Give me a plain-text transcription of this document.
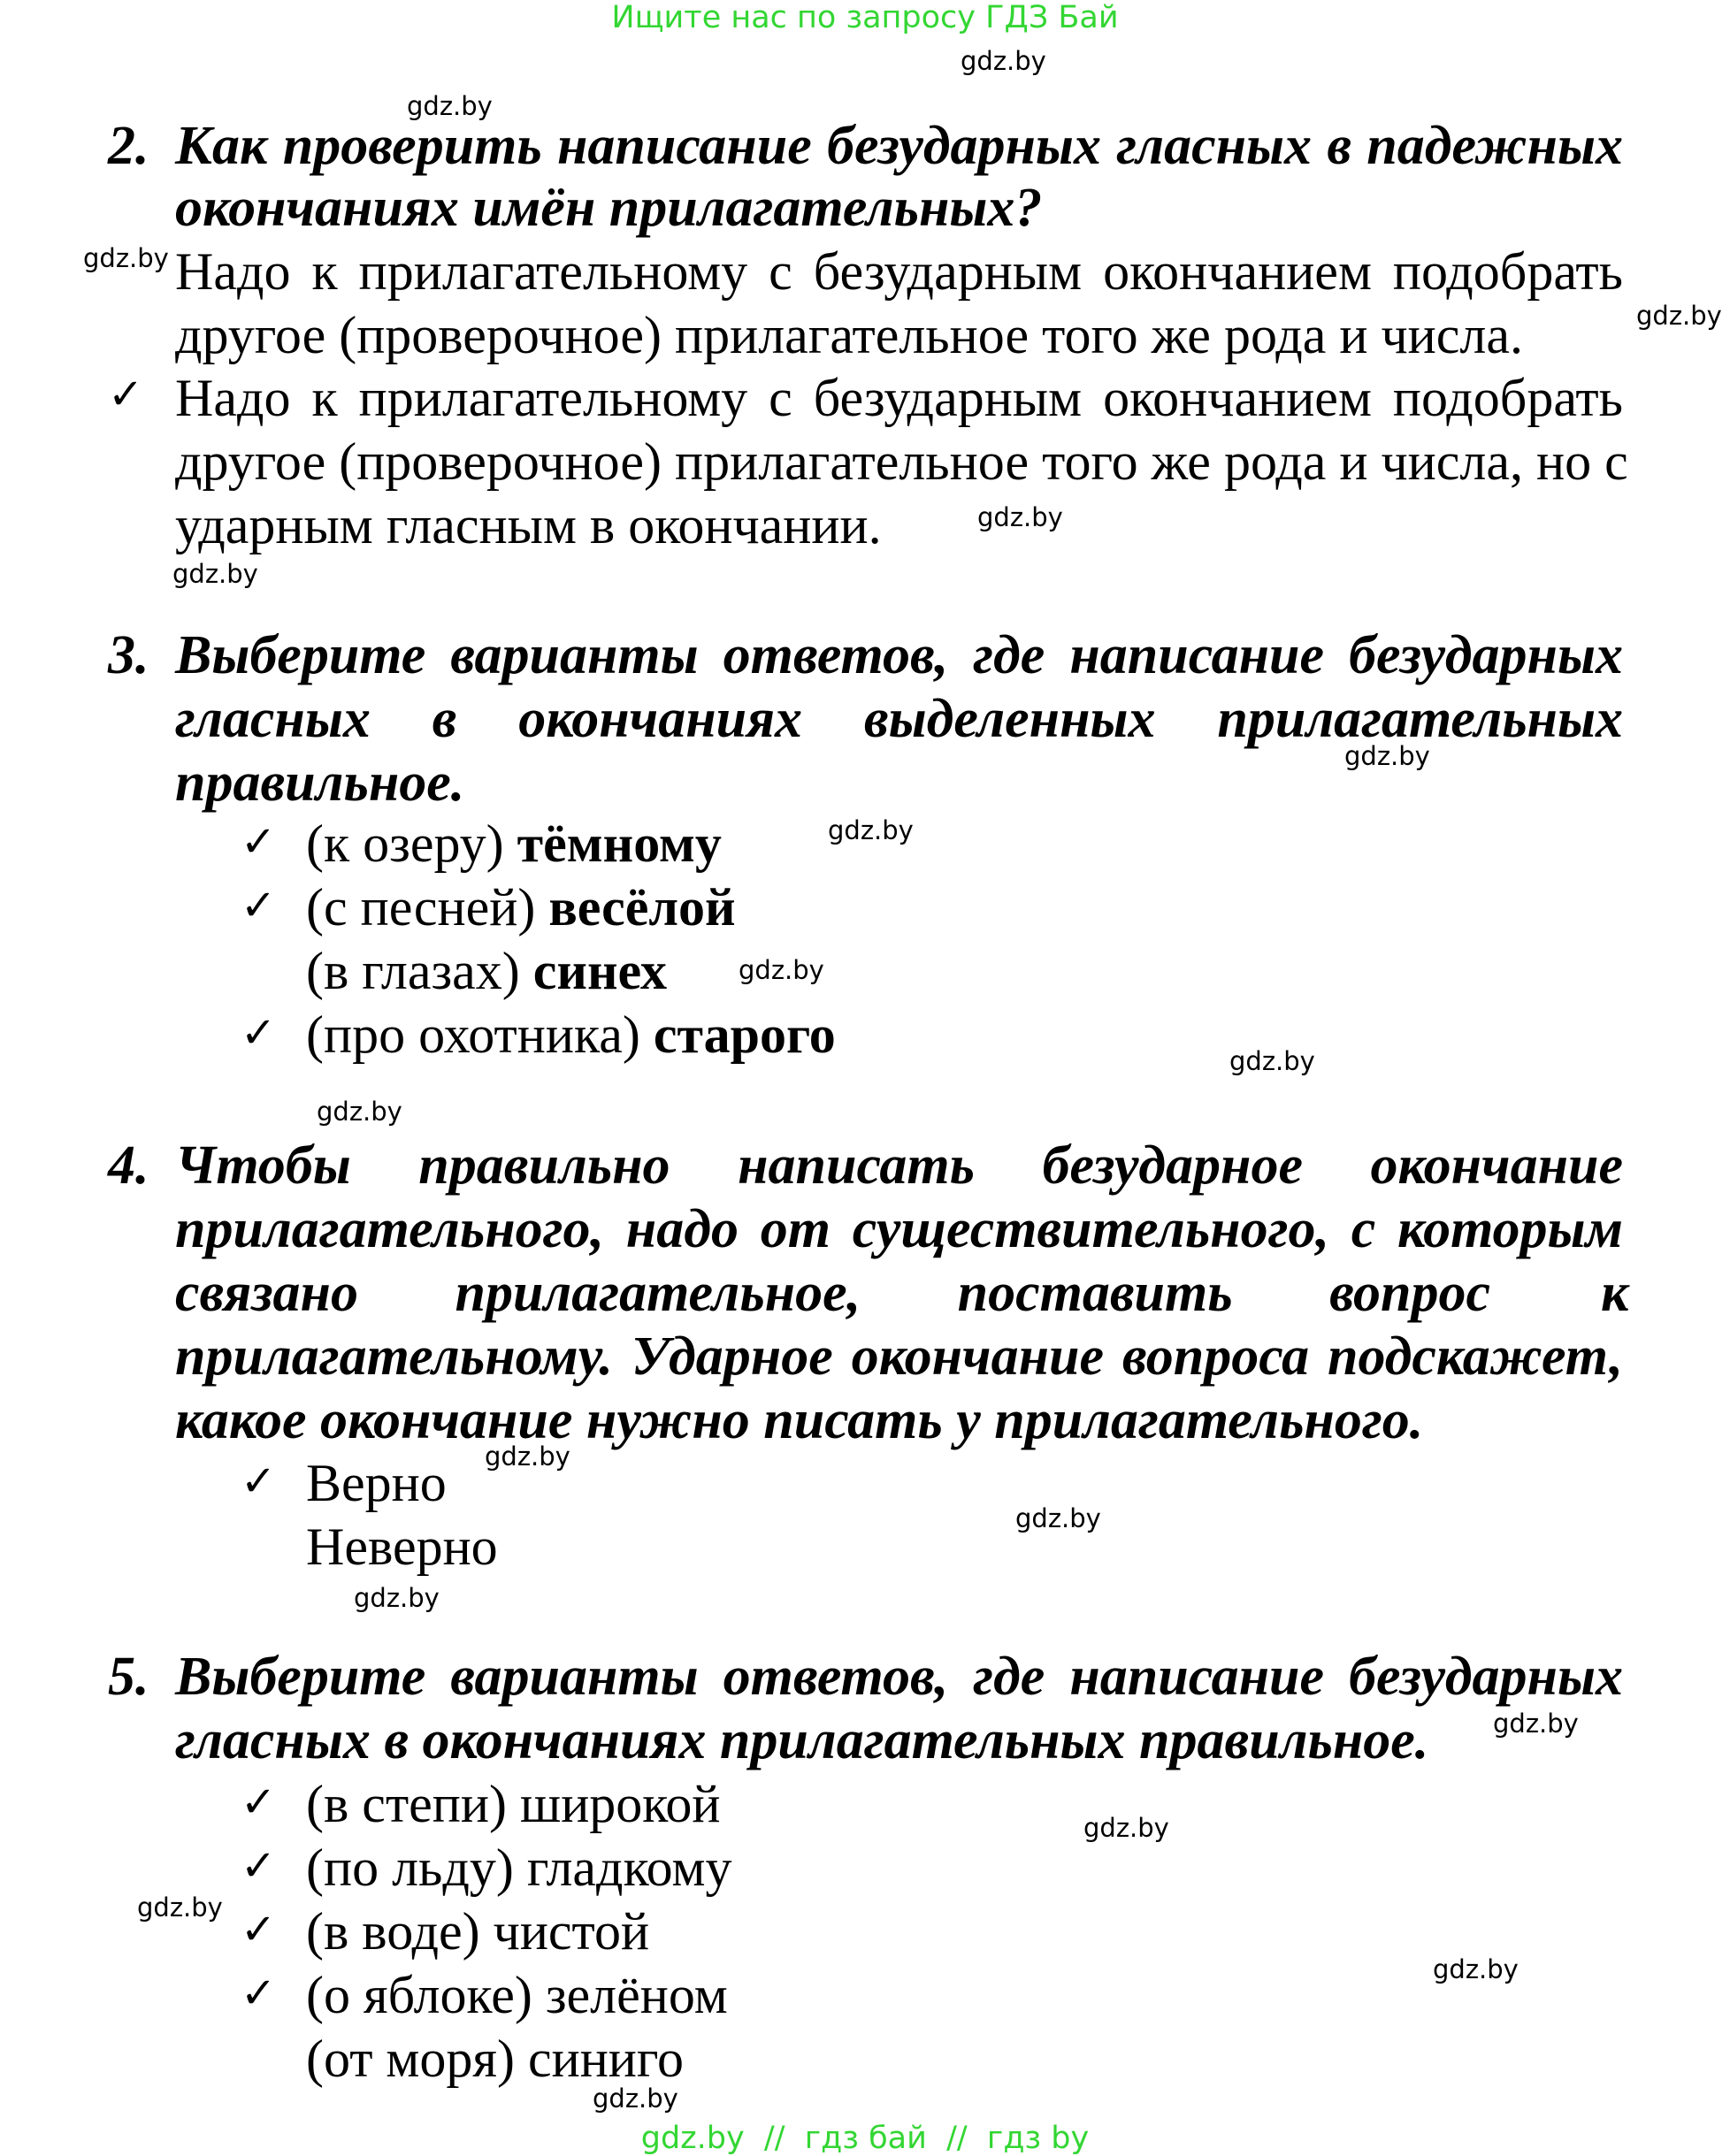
Ищите нас по запросу ГДЗ Бай
gdz.by
gdz.by
gdz.by
gdz.by
gdz.by
gdz.by
gdz.by
gdz.by
gdz.by
gdz.by
gdz.by
gdz.by
gdz.by
gdz.by
gdz.by
gdz.by
gdz.by
gdz.by
gdz.by
2. Как проверить написание безударных гласных в падежных
окончаниях имён прилагательных?
Надо к прилагательному с безударным окончанием подобрать
другое (проверочное) прилагательное того же рода и числа.
✓ Надо к прилагательному с безударным окончанием подобрать
другое (проверочное) прилагательное того же рода и числа, но с
ударным гласным в окончании.
3. Выберите варианты ответов, где написание безударных
гласных в окончаниях выделенных прилагательных
правильное.
✓ (к озеру) тёмному
✓ (с песней) весёлой
(в глазах) синех
✓ (про охотника) старого
4. Чтобы правильно написать безударное окончание
прилагательного, надо от существительного, с которым
связано прилагательное, поставить вопрос к
прилагательному. Ударное окончание вопроса подскажет,
какое окончание нужно писать у прилагательного.
✓ Верно
Неверно
5. Выберите варианты ответов, где написание безударных
гласных в окончаниях прилагательных правильное.
✓ (в степи) широкой
✓ (по льду) гладкому
✓ (в воде) чистой
✓ (о яблоке) зелёном
(от моря) синиго
gdz.by  //  гдз бай  //  гдз by
